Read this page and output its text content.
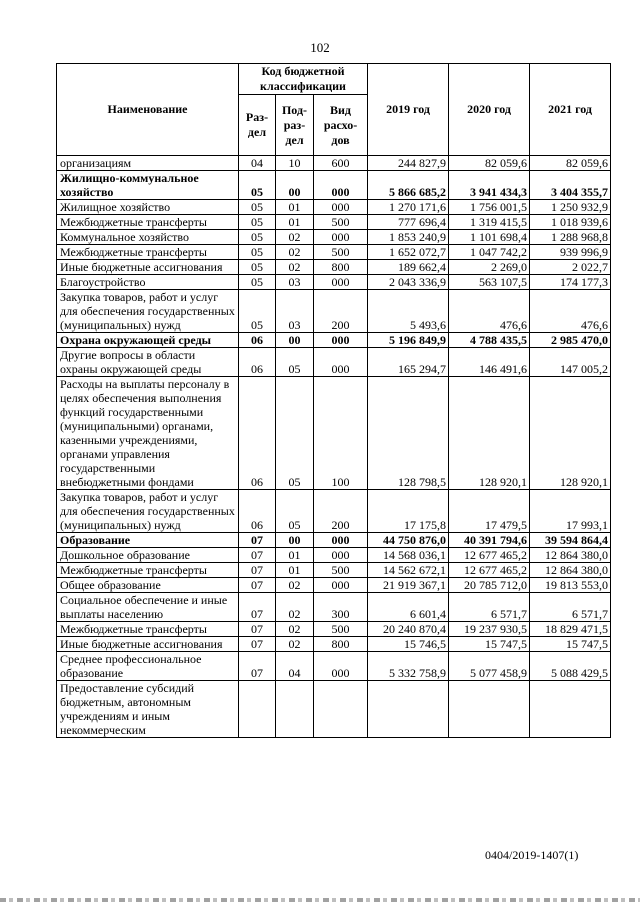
102
Наименование	Код бюджетной классификации			2019 год	2020 год	2021 год
	Раз-дел	Под-раз-дел	Вид расхо-дов			
организациям	04	10	600	244 827,9	82 059,6	82 059,6
Жилищно-коммунальное хозяйство	05	00	000	5 866 685,2	3 941 434,3	3 404 355,7
Жилищное хозяйство	05	01	000	1 270 171,6	1 756 001,5	1 250 932,9
Межбюджетные трансферты	05	01	500	777 696,4	1 319 415,5	1 018 939,6
Коммунальное хозяйство	05	02	000	1 853 240,9	1 101 698,4	1 288 968,8
Межбюджетные трансферты	05	02	500	1 652 072,7	1 047 742,2	939 996,9
Иные бюджетные ассигнования	05	02	800	189 662,4	2 269,0	2 022,7
Благоустройство	05	03	000	2 043 336,9	563 107,5	174 177,3
Закупка товаров, работ и услуг для обеспечения государственных (муниципальных) нужд	05	03	200	5 493,6	476,6	476,6
Охрана окружающей среды	06	00	000	5 196 849,9	4 788 435,5	2 985 470,0
Другие вопросы в области охраны окружающей среды	06	05	000	165 294,7	146 491,6	147 005,2
Расходы на выплаты персоналу в целях обеспечения выполнения функций государственными (муниципальными) органами, казенными учреждениями, органами управления государственными внебюджетными фондами	06	05	100	128 798,5	128 920,1	128 920,1
Закупка товаров, работ и услуг для обеспечения государственных (муниципальных) нужд	06	05	200	17 175,8	17 479,5	17 993,1
Образование	07	00	000	44 750 876,0	40 391 794,6	39 594 864,4
Дошкольное образование	07	01	000	14 568 036,1	12 677 465,2	12 864 380,0
Межбюджетные трансферты	07	01	500	14 562 672,1	12 677 465,2	12 864 380,0
Общее образование	07	02	000	21 919 367,1	20 785 712,0	19 813 553,0
Социальное обеспечение и иные выплаты населению	07	02	300	6 601,4	6 571,7	6 571,7
Межбюджетные трансферты	07	02	500	20 240 870,4	19 237 930,5	18 829 471,5
Иные бюджетные ассигнования	07	02	800	15 746,5	15 747,5	15 747,5
Среднее профессиональное образование	07	04	000	5 332 758,9	5 077 458,9	5 088 429,5
Предоставление субсидий бюджетным, автономным учреждениям и иным некоммерческим						
0404/2019-1407(1)
